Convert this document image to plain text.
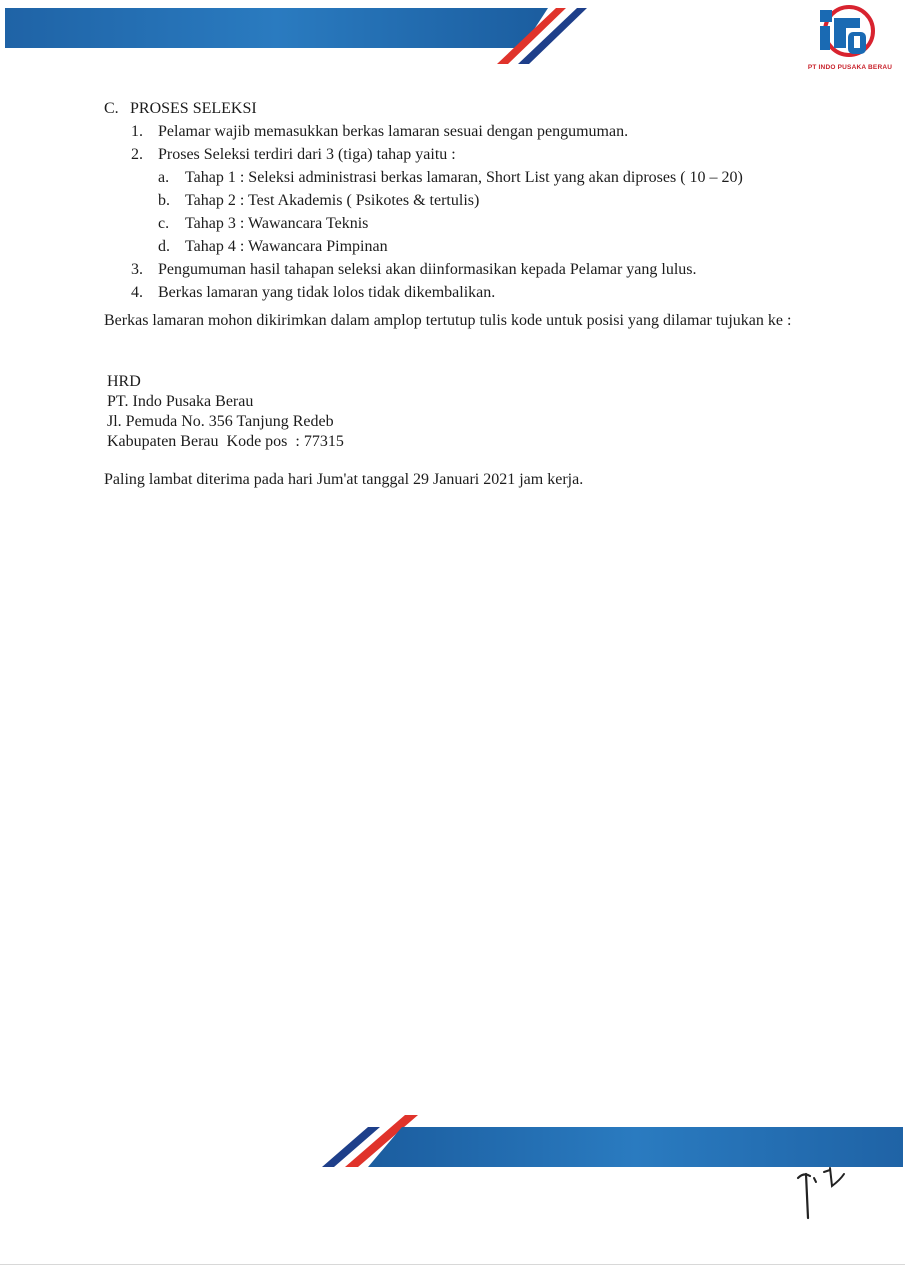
PT INDO PUSAKA BERAU
C. PROSES SELEKSI
1. Pelamar wajib memasukkan berkas lamaran sesuai dengan pengumuman.
2. Proses Seleksi terdiri dari 3 (tiga) tahap yaitu :
a. Tahap 1 : Seleksi administrasi berkas lamaran, Short List yang akan diproses ( 10 – 20)
b. Tahap 2 : Test Akademis ( Psikotes & tertulis)
c. Tahap 3 : Wawancara Teknis
d. Tahap 4 : Wawancara Pimpinan
3. Pengumuman hasil tahapan seleksi akan diinformasikan kepada Pelamar yang lulus.
4. Berkas lamaran yang tidak lolos tidak dikembalikan.
Berkas lamaran mohon dikirimkan dalam amplop tertutup tulis kode untuk posisi yang dilamar tujukan ke :
HRD
PT. Indo Pusaka Berau
Jl. Pemuda No. 356 Tanjung Redeb
Kabupaten Berau  Kode pos  : 77315
Paling lambat diterima pada hari Jum'at tanggal 29 Januari 2021 jam kerja.
